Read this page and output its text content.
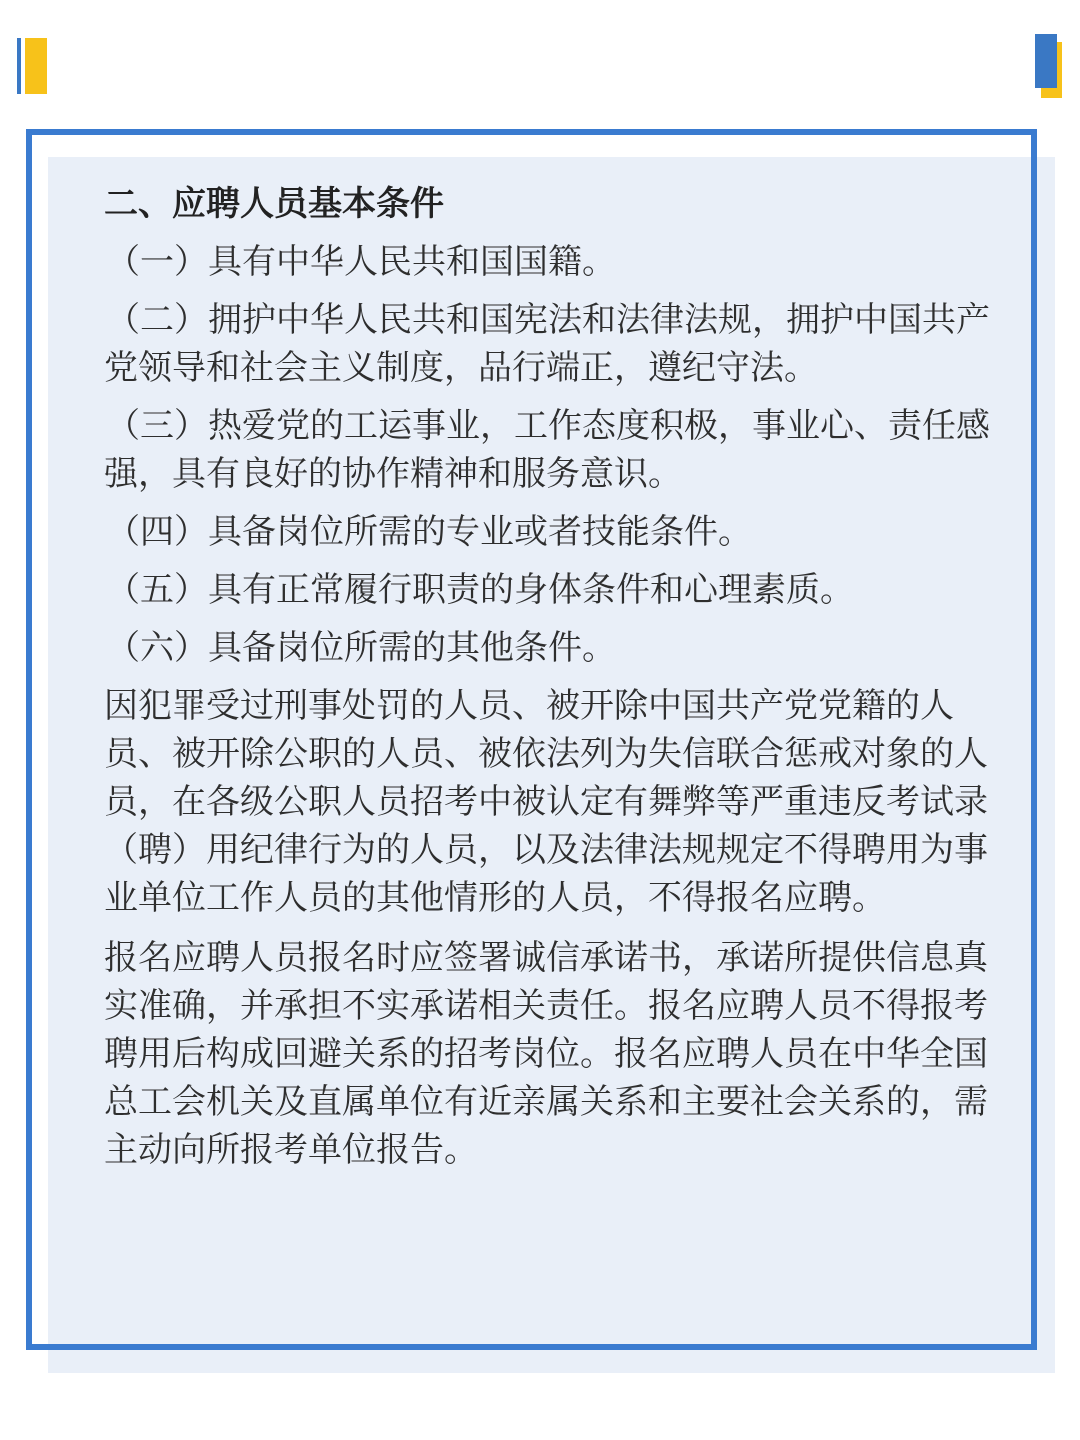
二、应聘人员基本条件
（一）具有中华人民共和国国籍。
（二）拥护中华人民共和国宪法和法律法规，拥护中国共产党领导和社会主义制度，品行端正，遵纪守法。
（三）热爱党的工运事业，工作态度积极，事业心、责任感强，具有良好的协作精神和服务意识。
（四）具备岗位所需的专业或者技能条件。
（五）具有正常履行职责的身体条件和心理素质。
（六）具备岗位所需的其他条件。
因犯罪受过刑事处罚的人员、被开除中国共产党党籍的人员、被开除公职的人员、被依法列为失信联合惩戒对象的人员，在各级公职人员招考中被认定有舞弊等严重违反考试录（聘）用纪律行为的人员，以及法律法规规定不得聘用为事业单位工作人员的其他情形的人员，不得报名应聘。
报名应聘人员报名时应签署诚信承诺书，承诺所提供信息真实准确，并承担不实承诺相关责任。报名应聘人员不得报考聘用后构成回避关系的招考岗位。报名应聘人员在中华全国总工会机关及直属单位有近亲属关系和主要社会关系的，需主动向所报考单位报告。
